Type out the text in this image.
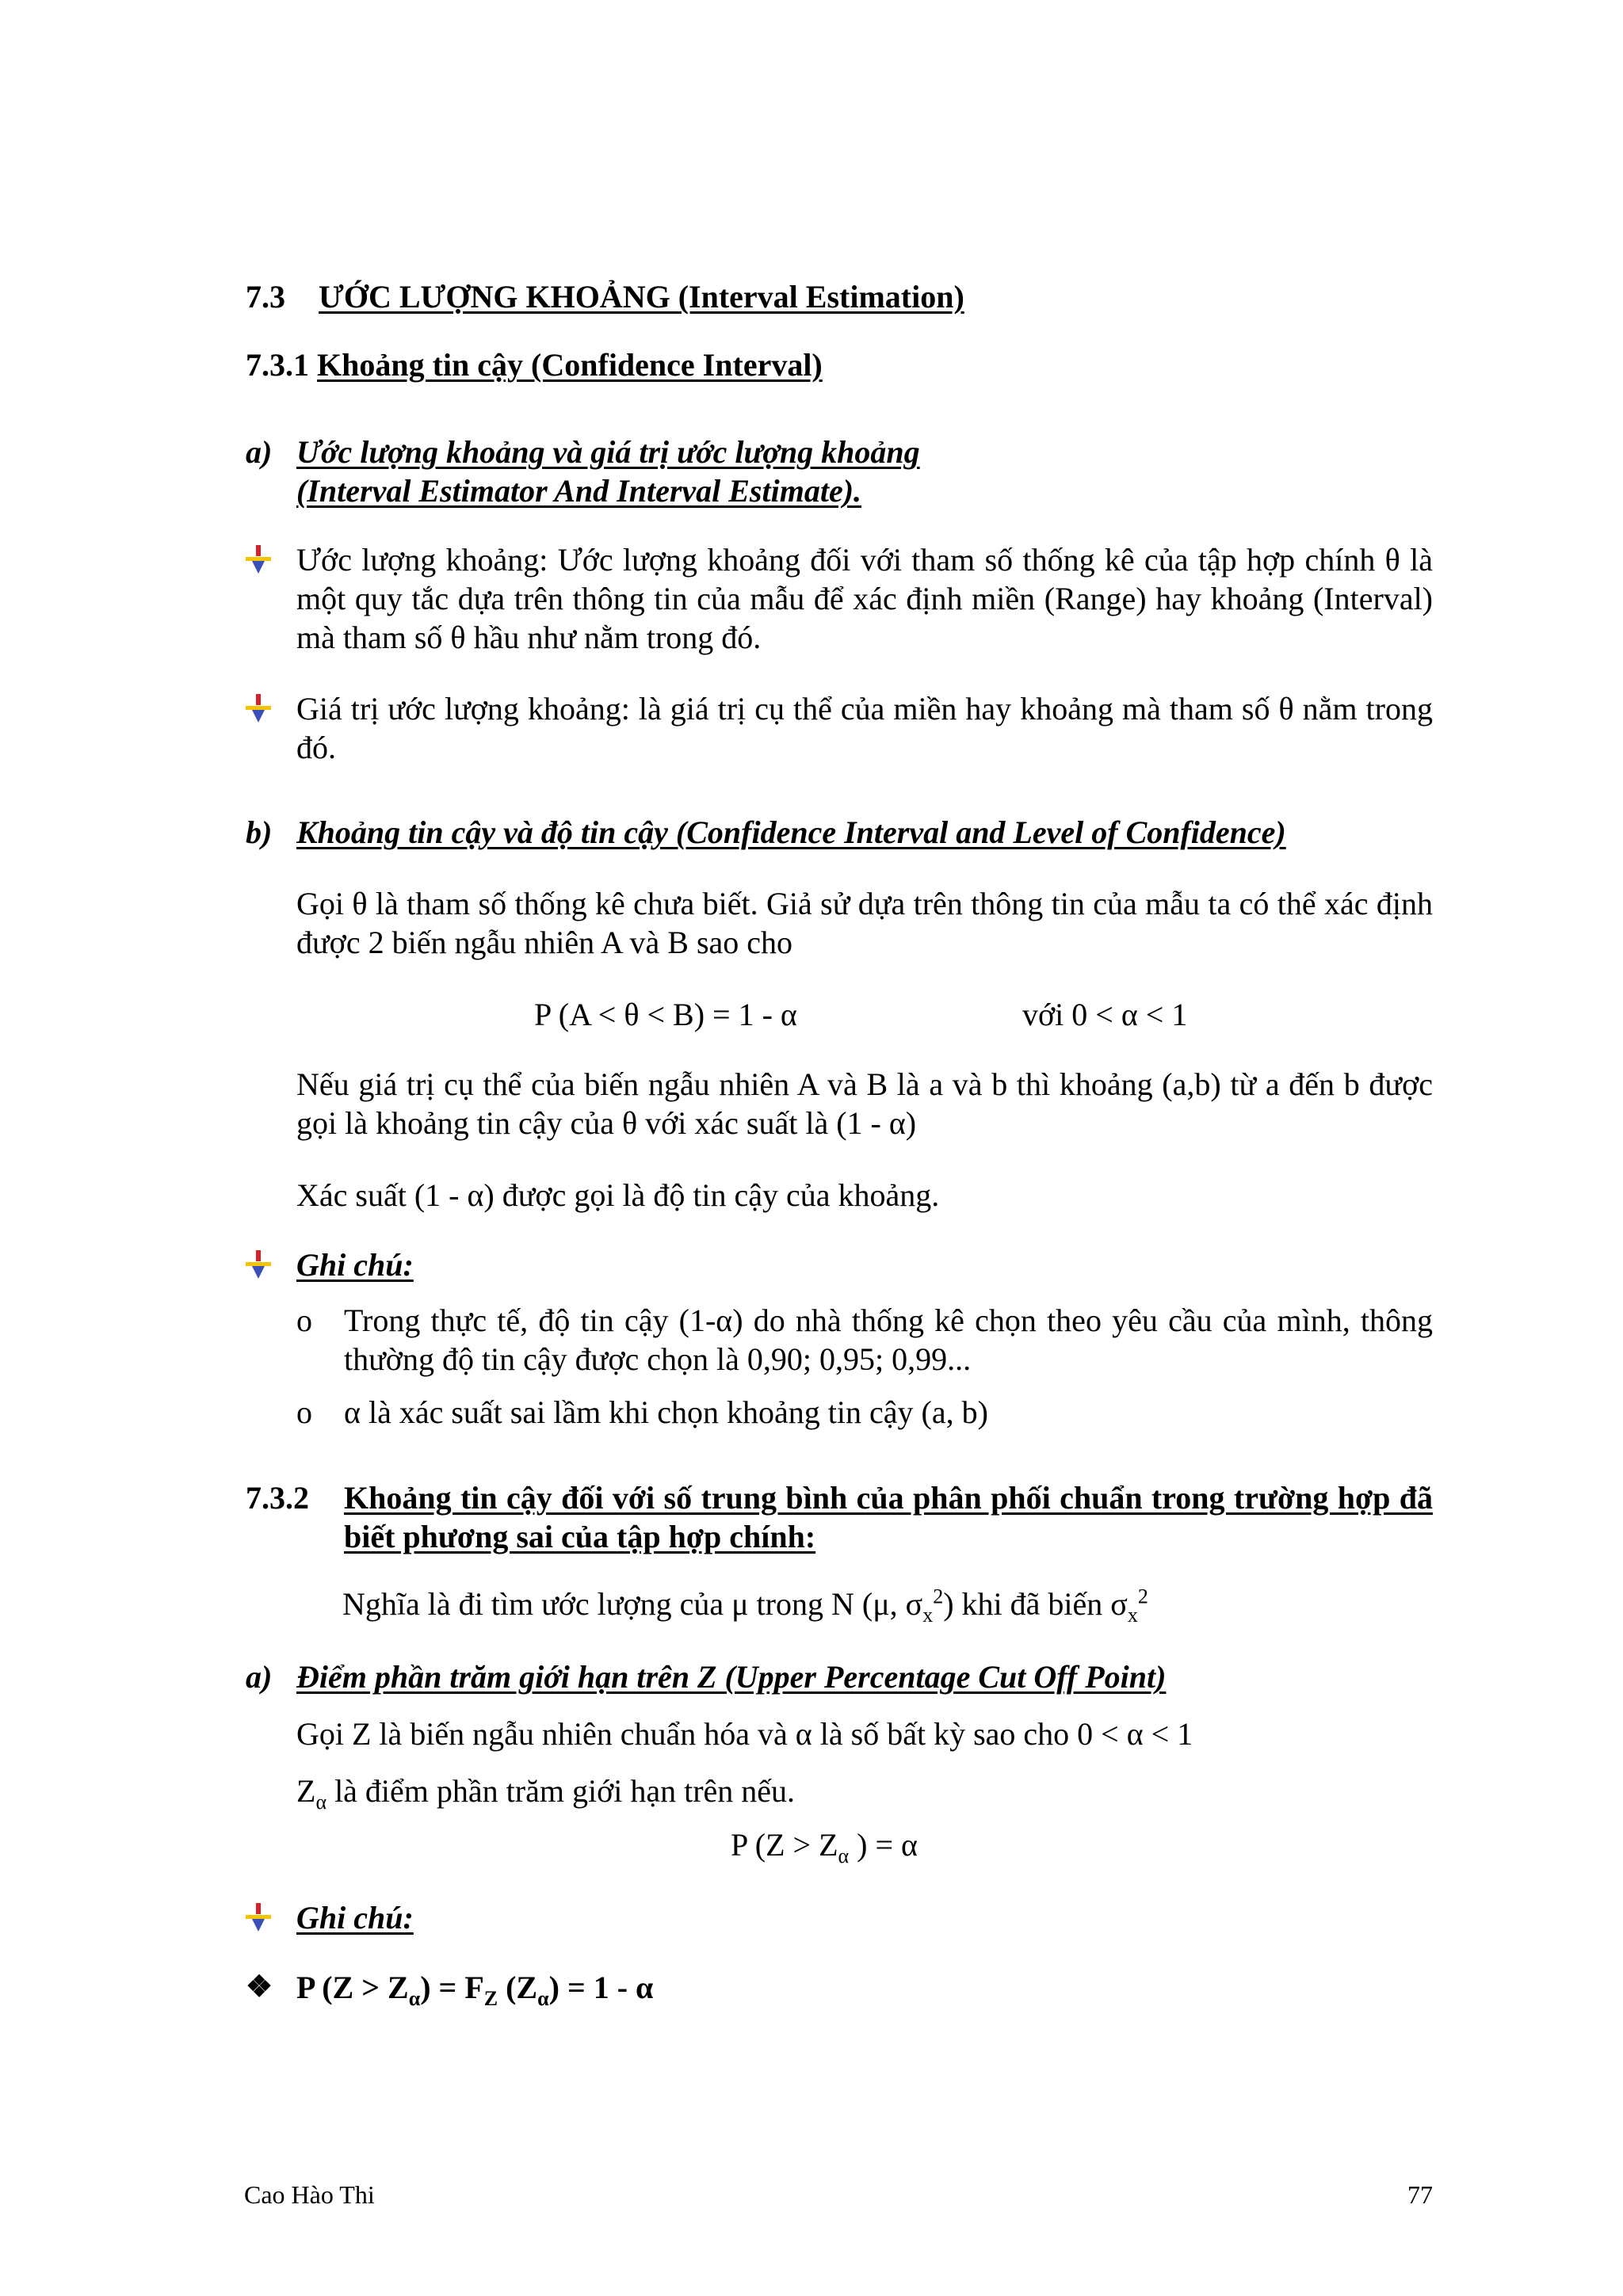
7.3 ƯỚC LƯỢNG KHOẢNG (Interval Estimation)
7.3.1 Khoảng tin cậy (Confidence Interval)
a) Ước lượng khoảng và giá trị ước lượng khoảng
(Interval Estimator And Interval Estimate).
Ước lượng khoảng: Ước lượng khoảng đối với tham số thống kê của tập hợp chính θ là một quy tắc dựa trên thông tin của mẫu để xác định miền (Range) hay khoảng (Interval) mà tham số θ hầu như nằm trong đó.
Giá trị ước lượng khoảng: là giá trị cụ thể của miền hay khoảng mà tham số θ nằm trong đó.
b) Khoảng tin cậy và độ tin cậy (Confidence Interval and Level of Confidence)
Gọi θ là tham số thống kê chưa biết. Giả sử dựa trên thông tin của mẫu ta có thể xác định được 2 biến ngẫu nhiên A và B sao cho
P (A < θ < B) = 1 - α	với 0 < α < 1
Nếu giá trị cụ thể của biến ngẫu nhiên A và B là a và b thì khoảng (a,b) từ a đến b được gọi là khoảng tin cậy của θ với xác suất là (1 - α)
Xác suất (1 - α) được gọi là độ tin cậy của khoảng.
Ghi chú:
o Trong thực tế, độ tin cậy (1-α) do nhà thống kê chọn theo yêu cầu của mình, thông thường độ tin cậy được chọn là 0,90; 0,95; 0,99...
o α là xác suất sai lầm khi chọn khoảng tin cậy (a, b)
7.3.2 Khoảng tin cậy đối với số trung bình của phân phối chuẩn trong trường hợp đã biết phương sai của tập hợp chính:
Nghĩa là đi tìm ước lượng của μ trong N (μ, $\sigma_x^2$) khi đã biến $\sigma_x^2$
a) Điểm phần trăm giới hạn trên Z (Upper Percentage Cut Off Point)
Gọi Z là biến ngẫu nhiên chuẩn hóa và α là số bất kỳ sao cho 0 < α < 1
$Z_\alpha$ là điểm phần trăm giới hạn trên nếu.
P ($Z > Z_\alpha$ ) = α
Ghi chú:
❖ P $(Z > Z_\alpha) = F_Z$ $(Z_\alpha) = 1 - \alpha$
Cao Hào Thi	77
